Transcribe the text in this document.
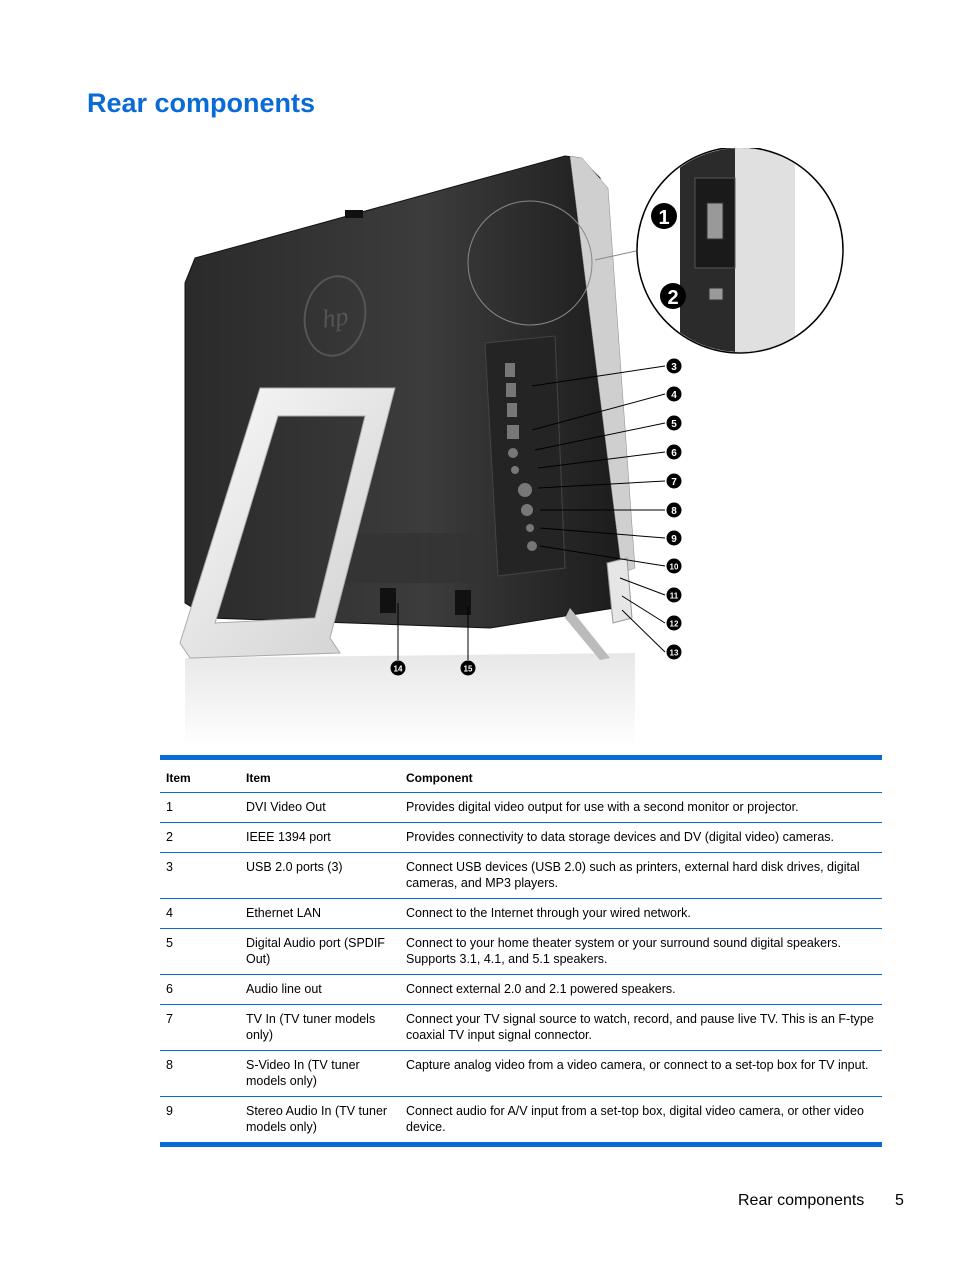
Rear components
hp
1
2
3
4
5
6
7
8
9
10
11
12
13
14	15
Item	Item	Component
1	DVI Video Out	Provides digital video output for use with a second monitor or projector.
2	IEEE 1394 port	Provides connectivity to data storage devices and DV (digital video) cameras.
3	USB 2.0 ports (3)	Connect USB devices (USB 2.0) such as printers, external hard disk drives, digital cameras, and MP3 players.
4	Ethernet LAN	Connect to the Internet through your wired network.
5	Digital Audio port (SPDIF Out)	Connect to your home theater system or your surround sound digital speakers. Supports 3.1, 4.1, and 5.1 speakers.
6	Audio line out	Connect external 2.0 and 2.1 powered speakers.
7	TV In (TV tuner models only)	Connect your TV signal source to watch, record, and pause live TV. This is an F-type coaxial TV input signal connector.
8	S-Video In (TV tuner models only)	Capture analog video from a video camera, or connect to a set-top box for TV input.
9	Stereo Audio In (TV tuner models only)	Connect audio for A/V input from a set-top box, digital video camera, or other video device.
Rear components 5
